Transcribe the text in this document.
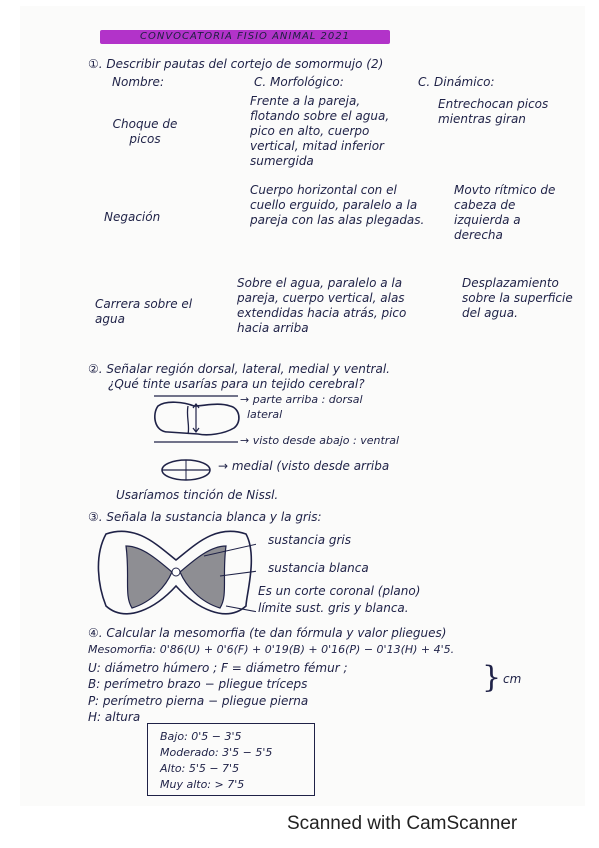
CONVOCATORIA FISIO ANIMAL 2021
①. Describir pautas del cortejo de somormujo (2)
Nombre:	C. Morfológico:	C. Dinámico:
Choque de picos
Frente a la pareja, flotando sobre el agua, pico en alto, cuerpo vertical, mitad inferior sumergida
Entrechocan picos mientras giran
Negación
Cuerpo horizontal con el cuello erguido, paralelo a la pareja con las alas plegadas.
Movto rítmico de cabeza de izquierda a derecha
Carrera sobre el agua
Sobre el agua, paralelo a la pareja, cuerpo vertical, alas extendidas hacia atrás, pico hacia arriba
Desplazamiento sobre la superficie del agua.
②. Señalar región dorsal, lateral, medial y ventral.
¿Qué tinte usarías para un tejido cerebral?
→ parte arriba : dorsal
lateral
→ visto desde abajo : ventral
→ medial (visto desde arriba
Usaríamos tinción de Nissl.
③. Señala la sustancia blanca y la gris:
sustancia gris
sustancia blanca
Es un corte coronal (plano)
límite sust. gris y blanca.
④. Calcular la mesomorfia (te dan fórmula y valor pliegues)
Mesomorfia: 0'86(U) + 0'6(F) + 0'19(B) + 0'16(P) − 0'13(H) + 4'5.
U: diámetro húmero ; F = diámetro fémur ;
B: perímetro brazo − pliegue tríceps
P: perímetro pierna − pliegue pierna
H: altura
} cm
Bajo: 0'5 − 3'5
Moderado: 3'5 − 5'5
Alto: 5'5 − 7'5
Muy alto: > 7'5
Scanned with CamScanner
